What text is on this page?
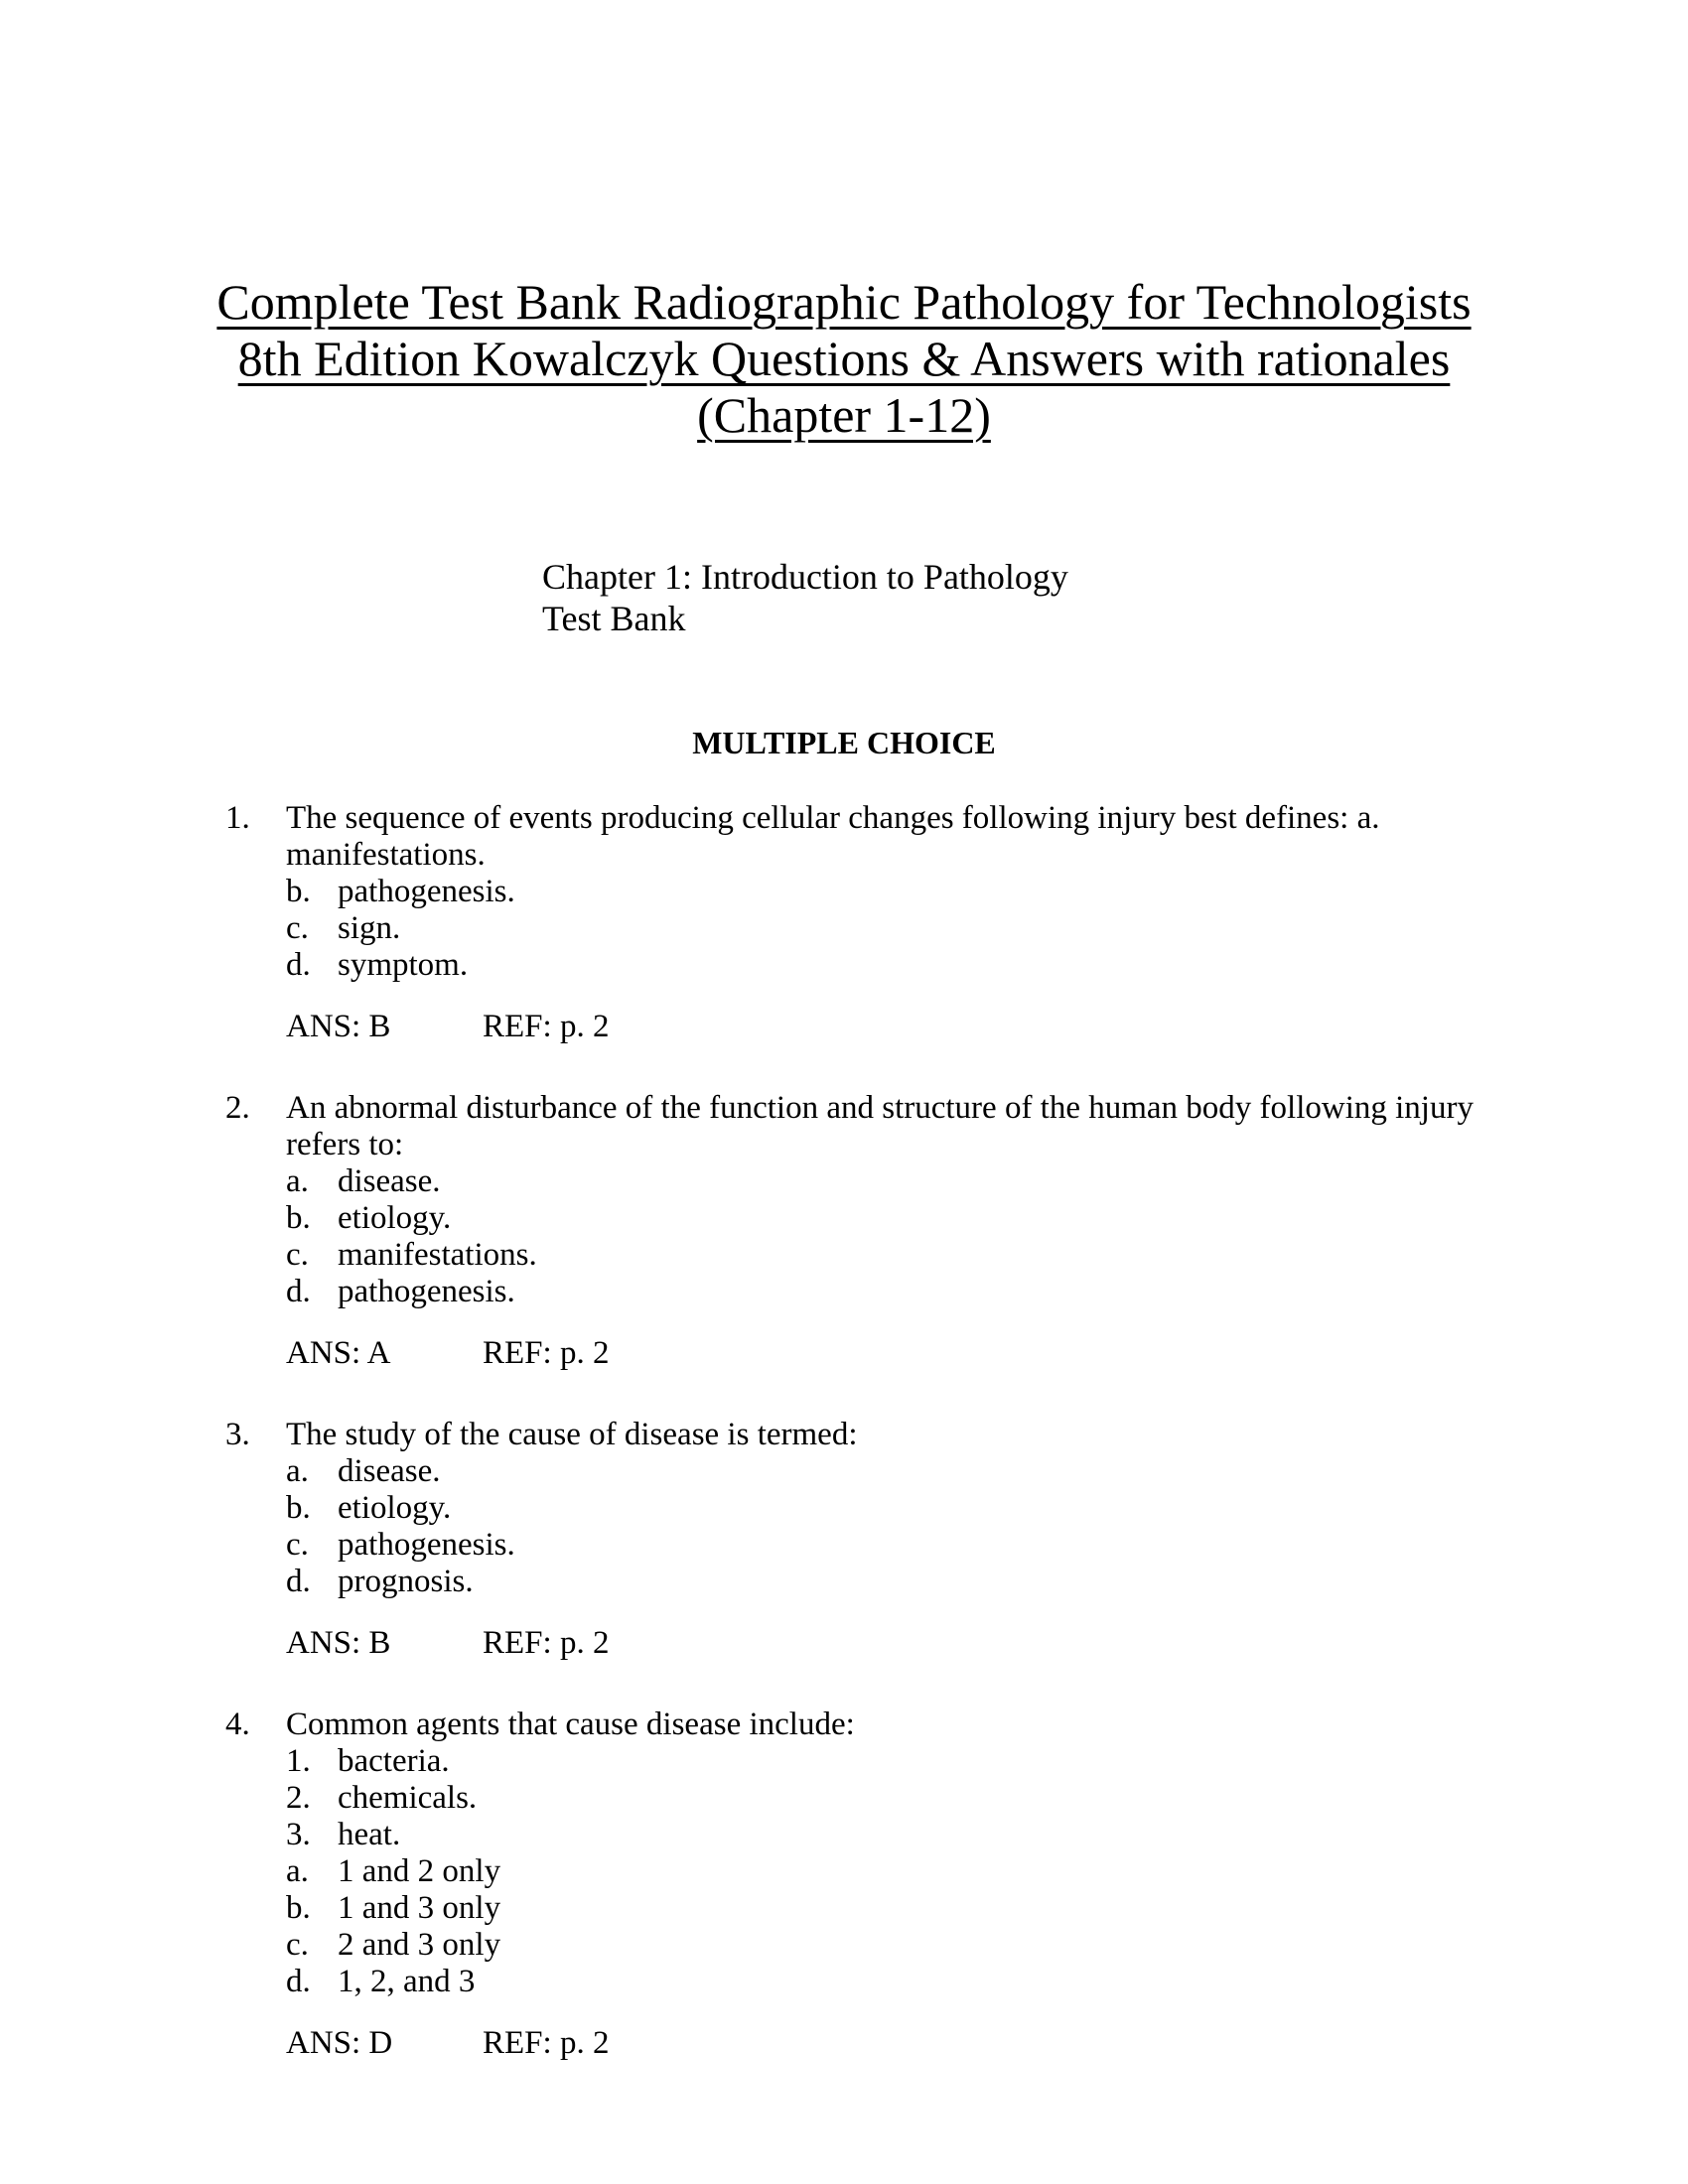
Complete Test Bank Radiographic Pathology for Technologists
8th Edition Kowalczyk Questions & Answers with rationales
(Chapter 1-12)
Chapter 1: Introduction to Pathology
Test Bank
MULTIPLE CHOICE
1. The sequence of events producing cellular changes following injury best defines: a. manifestations.
b. pathogenesis.
c. sign.
d. symptom.
ANS: B	REF: p. 2
2. An abnormal disturbance of the function and structure of the human body following injury refers to:
a. disease.
b. etiology.
c. manifestations.
d. pathogenesis.
ANS: A	REF: p. 2
3. The study of the cause of disease is termed:
a. disease.
b. etiology.
c. pathogenesis.
d. prognosis.
ANS: B	REF: p. 2
4. Common agents that cause disease include:
1. bacteria.
2. chemicals.
3. heat.
a. 1 and 2 only
b. 1 and 3 only
c. 2 and 3 only
d. 1, 2, and 3
ANS: D	REF: p. 2
